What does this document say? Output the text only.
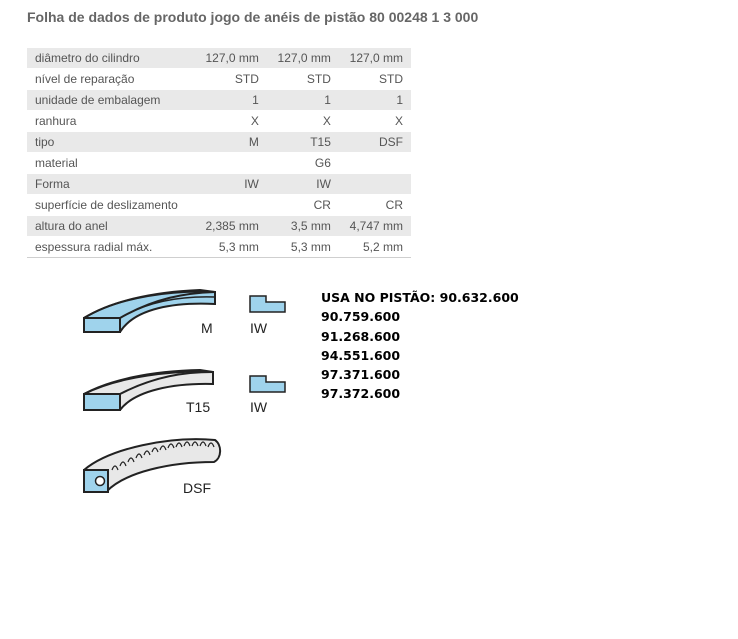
Folha de dados de produto jogo de anéis de pistão 80 00248 1 3 000
diâmetro do cilindro	127,0 mm	127,0 mm	127,0 mm
nível de reparação	STD	STD	STD
unidade de embalagem	1	1	1
ranhura	X	X	X
tipo	M	T15	DSF
material		G6	
Forma	IW	IW	
superfície de deslizamento		CR	CR
altura do anel	2,385 mm	3,5 mm	4,747 mm
espessura radial máx.	5,3 mm	5,3 mm	5,2 mm
M	IW
T15	IW
DSF
USA NO PISTÃO: 90.632.600
90.759.600
91.268.600
94.551.600
97.371.600
97.372.600
